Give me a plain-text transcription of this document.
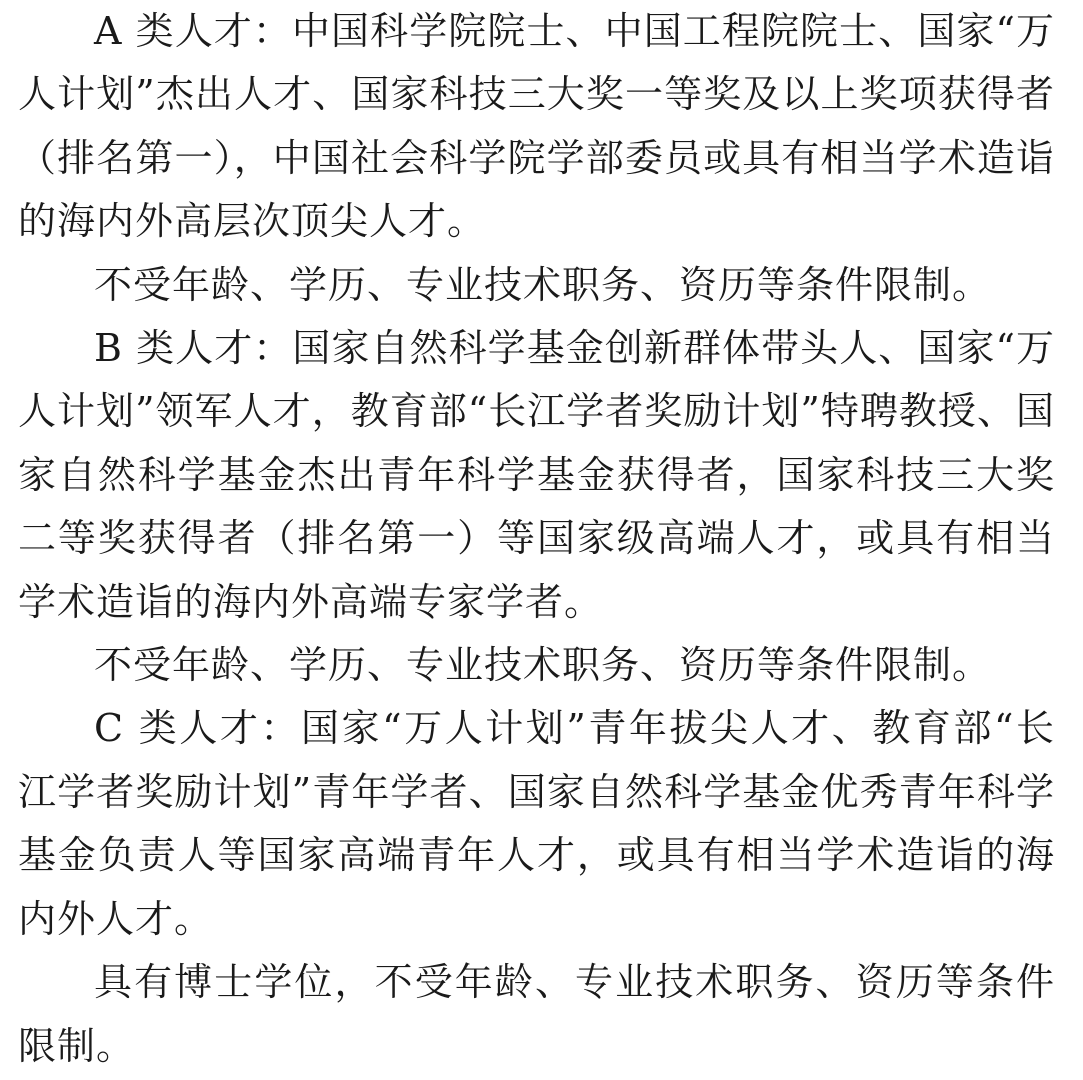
A 类人才：中国科学院院士、中国工程院院士、国家“万人计划”杰出人才、国家科技三大奖一等奖及以上奖项获得者（排名第一），中国社会科学院学部委员或具有相当学术造诣的海内外高层次顶尖人才。

不受年龄、学历、专业技术职务、资历等条件限制。

B 类人才：国家自然科学基金创新群体带头人、国家“万人计划”领军人才，教育部“长江学者奖励计划”特聘教授、国家自然科学基金杰出青年科学基金获得者，国家科技三大奖二等奖获得者（排名第一）等国家级高端人才，或具有相当学术造诣的海内外高端专家学者。

不受年龄、学历、专业技术职务、资历等条件限制。

C 类人才：国家“万人计划”青年拔尖人才、教育部“长江学者奖励计划”青年学者、国家自然科学基金优秀青年科学基金负责人等国家高端青年人才，或具有相当学术造诣的海内外人才。

具有博士学位，不受年龄、专业技术职务、资历等条件限制。
